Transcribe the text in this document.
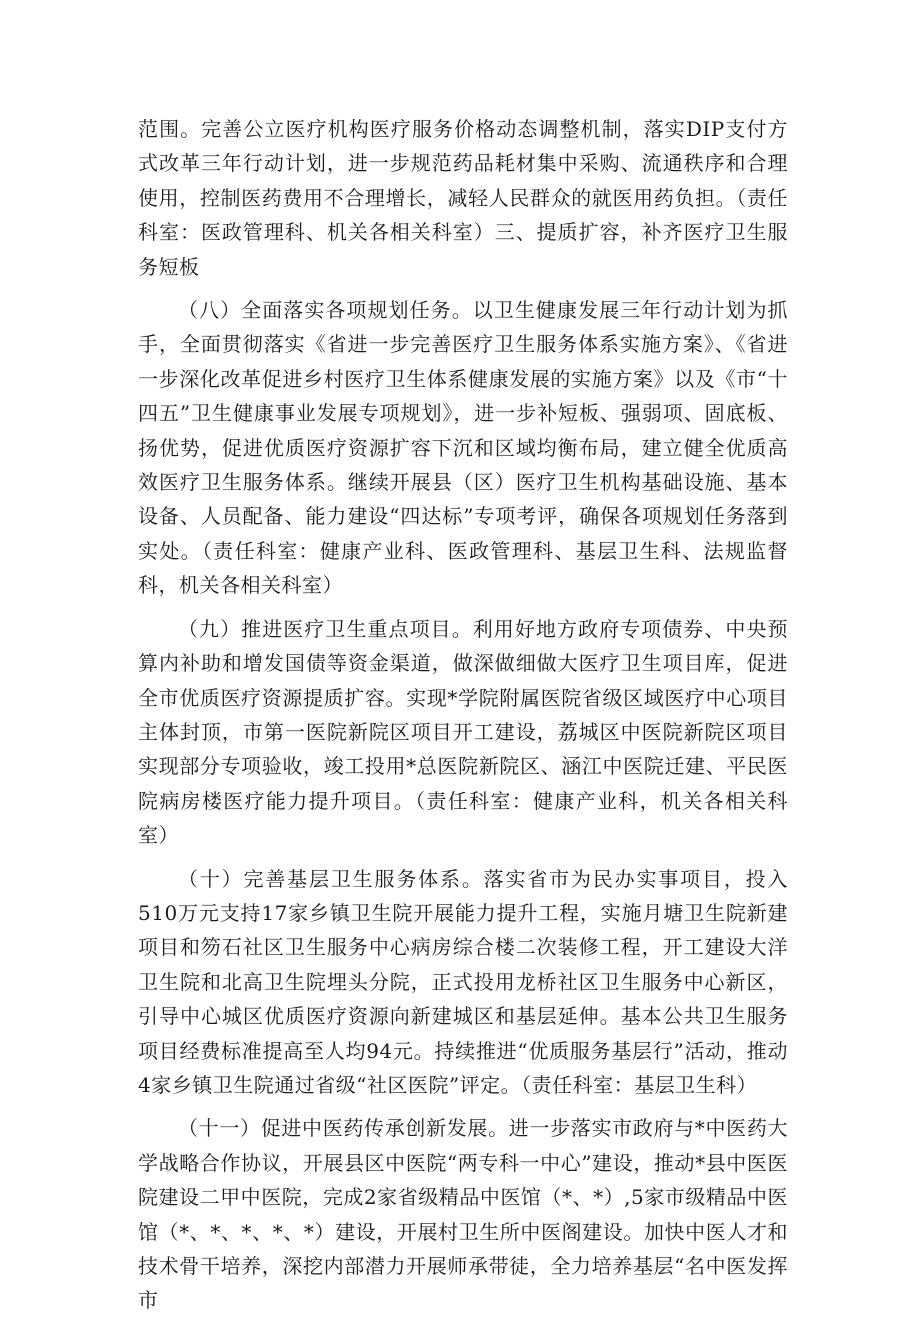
范围。完善公立医疗机构医疗服务价格动态调整机制，落实DIP支付方式改革三年行动计划，进一步规范药品耗材集中采购、流通秩序和合理使用，控制医药费用不合理增长，减轻人民群众的就医用药负担。（责任科室：医政管理科、机关各相关科室）三、提质扩容，补齐医疗卫生服务短板

（八）全面落实各项规划任务。以卫生健康发展三年行动计划为抓手，全面贯彻落实《省进一步完善医疗卫生服务体系实施方案》、《省进一步深化改革促进乡村医疗卫生体系健康发展的实施方案》以及《市“十四五”卫生健康事业发展专项规划》，进一步补短板、强弱项、固底板、扬优势，促进优质医疗资源扩容下沉和区域均衡布局，建立健全优质高效医疗卫生服务体系。继续开展县（区）医疗卫生机构基础设施、基本设备、人员配备、能力建设“四达标”专项考评，确保各项规划任务落到实处。（责任科室：健康产业科、医政管理科、基层卫生科、法规监督科，机关各相关科室）

（九）推进医疗卫生重点项目。利用好地方政府专项债券、中央预算内补助和增发国债等资金渠道，做深做细做大医疗卫生项目库，促进全市优质医疗资源提质扩容。实现*学院附属医院省级区域医疗中心项目主体封顶，市第一医院新院区项目开工建设，荔城区中医院新院区项目实现部分专项验收，竣工投用*总医院新院区、涵江中医院迁建、平民医院病房楼医疗能力提升项目。（责任科室：健康产业科，机关各相关科室）

（十）完善基层卫生服务体系。落实省市为民办实事项目，投入510万元支持17家乡镇卫生院开展能力提升工程，实施月塘卫生院新建项目和笏石社区卫生服务中心病房综合楼二次装修工程，开工建设大洋卫生院和北高卫生院埋头分院，正式投用龙桥社区卫生服务中心新区，引导中心城区优质医疗资源向新建城区和基层延伸。基本公共卫生服务项目经费标准提高至人均94元。持续推进“优质服务基层行”活动，推动4家乡镇卫生院通过省级“社区医院”评定。（责任科室：基层卫生科）

（十一）促进中医药传承创新发展。进一步落实市政府与*中医药大学战略合作协议，开展县区中医院“两专科一中心”建设，推动*县中医医院建设二甲中医院，完成2家省级精品中医馆（*、*）,5家市级精品中医馆（*、*、*、*、*）建设，开展村卫生所中医阁建设。加快中医人才和技术骨干培养，深挖内部潜力开展师承带徒，全力培养基层“名中医发挥市
